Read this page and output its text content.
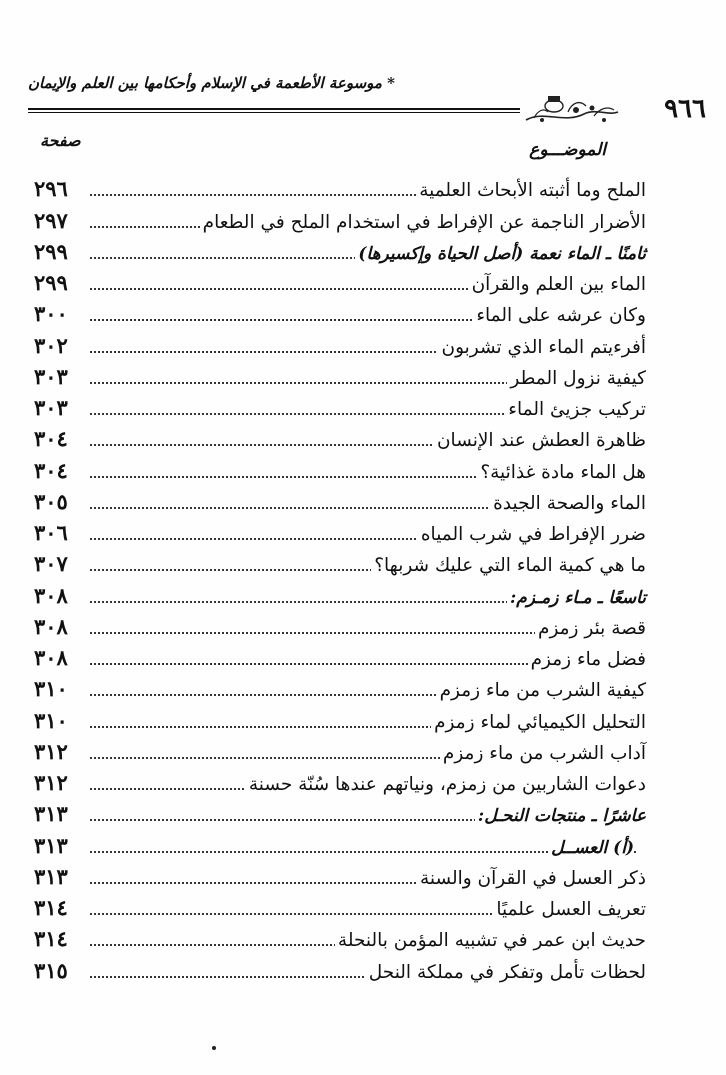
٩٦٦
* موسوعة الأطعمة في الإسلام وأحكامها بين العلم والإيمان
الموضـــوع
صفحة
الملح وما أثبته الأبحاث العلمية
٢٩٦
الأضرار الناجمة عن الإفراط في استخدام الملح في الطعام
٢٩٧
ثامنًا ـ الماء نعمة (أصل الحياة وإكسيرها)
٢٩٩
الماء بين العلم والقرآن
٢٩٩
وكان عرشه على الماء
٣٠٠
أفرءيتم الماء الذي تشربون
٣٠٢
كيفية نزول المطر
٣٠٣
تركيب جزيئ الماء
٣٠٣
ظاهرة العطش عند الإنسان
٣٠٤
هل الماء مادة غذائية؟
٣٠٤
الماء والصحة الجيدة
٣٠٥
ضرر الإفراط في شرب المياه
٣٠٦
ما هي كمية الماء التي عليك شربها؟
٣٠٧
تاسعًا ـ مـاء زمـزم:
٣٠٨
قصة بئر زمزم
٣٠٨
فضل ماء زمزم
٣٠٨
كيفية الشرب من ماء زمزم
٣١٠
التحليل الكيميائي لماء زمزم
٣١٠
آداب الشرب من ماء زمزم
٣١٢
دعوات الشاربين من زمزم، ونياتهم عندها سُنّة حسنة
٣١٢
عاشرًا ـ منتجات النحـل:
٣١٣
(أ) العســل
٣١٣
ذكر العسل في القرآن والسنة
٣١٣
تعريف العسل علميًا
٣١٤
حديث ابن عمر في تشبيه المؤمن بالنحلة
٣١٤
لحظات تأمل وتفكر في مملكة النحل
٣١٥
